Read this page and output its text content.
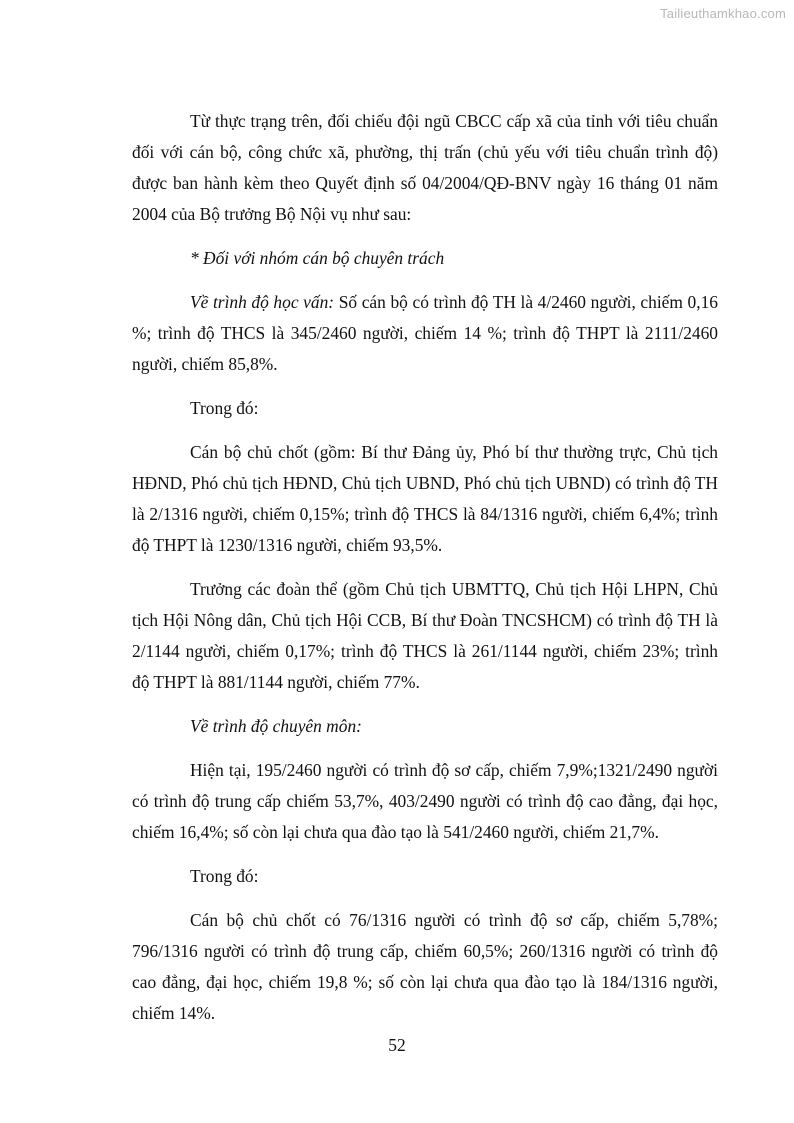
Tailieuthamkhao.com

Từ thực trạng trên, đối chiếu đội ngũ CBCC cấp xã của tỉnh với tiêu chuẩn đối với cán bộ, công chức xã, phường, thị trấn (chủ yếu với tiêu chuẩn trình độ) được ban hành kèm theo Quyết định số 04/2004/QĐ-BNV ngày 16 tháng 01 năm 2004 của Bộ trưởng Bộ Nội vụ như sau:

* Đối với nhóm cán bộ chuyên trách

Về trình độ học vấn: Số cán bộ có trình độ TH là 4/2460 người, chiếm 0,16 %; trình độ THCS là 345/2460 người, chiếm 14 %; trình độ THPT là 2111/2460 người, chiếm 85,8%.

Trong đó:

Cán bộ chủ chốt (gồm: Bí thư Đảng ủy, Phó bí thư thường trực, Chủ tịch HĐND, Phó chủ tịch HĐND, Chủ tịch UBND, Phó chủ tịch UBND) có trình độ TH là 2/1316 người, chiếm 0,15%; trình độ THCS là 84/1316 người, chiếm 6,4%; trình độ THPT là 1230/1316 người, chiếm 93,5%.

Trưởng các đoàn thể (gồm Chủ tịch UBMTTQ, Chủ tịch Hội LHPN, Chủ tịch Hội Nông dân, Chủ tịch Hội CCB, Bí thư Đoàn TNCSHCM) có trình độ TH là 2/1144 người, chiếm 0,17%; trình độ THCS là 261/1144 người, chiếm 23%; trình độ THPT là 881/1144 người, chiếm 77%.

Về trình độ chuyên môn:

Hiện tại, 195/2460 người có trình độ sơ cấp, chiếm 7,9%;1321/2490 người có trình độ trung cấp chiếm 53,7%, 403/2490 người có trình độ cao đẳng, đại học, chiếm 16,4%; số còn lại chưa qua đào tạo là 541/2460 người, chiếm 21,7%.

Trong đó:

Cán bộ chủ chốt có 76/1316 người có trình độ sơ cấp, chiếm 5,78%; 796/1316 người có trình độ trung cấp, chiếm 60,5%; 260/1316 người có trình độ cao đẳng, đại học, chiếm 19,8 %; số còn lại chưa qua đào tạo là 184/1316 người, chiếm 14%.

52
